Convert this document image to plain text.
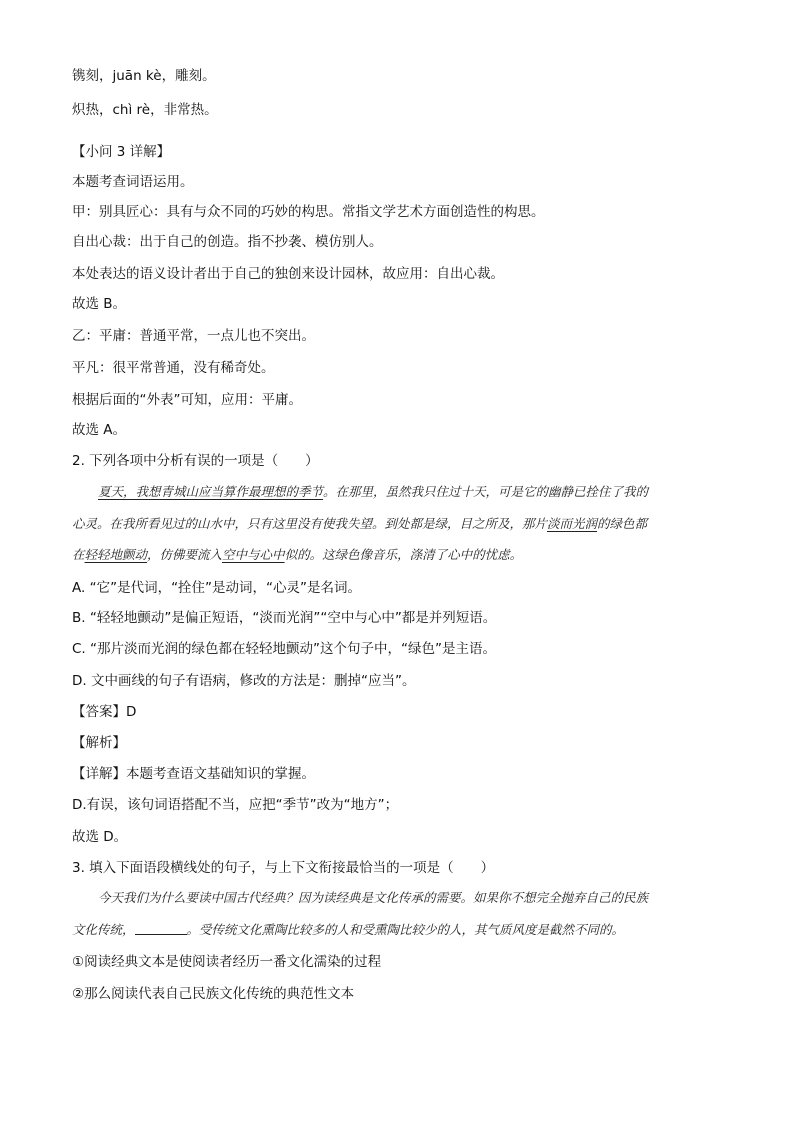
镌刻，juān kè，雕刻。
炽热，chì rè，非常热。
【小问 3 详解】
本题考查词语运用。
甲：别具匠心：具有与众不同的巧妙的构思。常指文学艺术方面创造性的构思。
自出心裁：出于自己的创造。指不抄袭、模仿别人。
本处表达的语义设计者出于自己的独创来设计园林，故应用：自出心裁。
故选 B。
乙：平庸：普通平常，一点儿也不突出。
平凡：很平常普通，没有稀奇处。
根据后面的“外表”可知，应用：平庸。
故选 A。
2. 下列各项中分析有误的一项是（　　）
夏天，我想青城山应当算作最理想的季节。在那里，虽然我只住过十天，可是它的幽静已拴住了我的
心灵。在我所看见过的山水中，只有这里没有使我失望。到处都是绿，目之所及，那片淡而光润的绿色都
在轻轻地颤动，仿佛要流入空中与心中似的。这绿色像音乐，涤清了心中的忧虑。
A. “它”是代词，“拴住”是动词，“心灵”是名词。
B. “轻轻地颤动”是偏正短语，“淡而光润”“空中与心中”都是并列短语。
C. “那片淡而光润的绿色都在轻轻地颤动”这个句子中，“绿色”是主语。
D. 文中画线的句子有语病，修改的方法是：删掉“应当”。
【答案】D
【解析】
【详解】本题考查语文基础知识的掌握。
D.有误，该句词语搭配不当，应把“季节”改为“地方”；
故选 D。
3. 填入下面语段横线处的句子，与上下文衔接最恰当的一项是（　　）
今天我们为什么要读中国古代经典？因为读经典是文化传承的需要。如果你不想完全抛弃自己的民族
文化传统，	。受传统文化熏陶比较多的人和受熏陶比较少的人，其气质风度是截然不同的。
①阅读经典文本是使阅读者经历一番文化濡染的过程
②那么阅读代表自己民族文化传统的典范性文本
